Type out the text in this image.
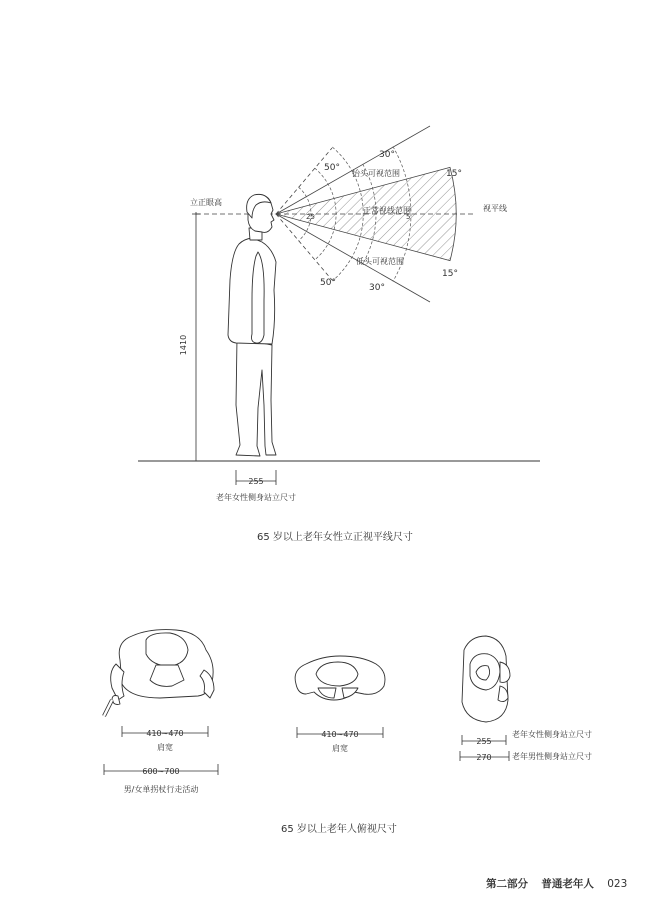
立正眼高
1410
255
老年女性侧身站立尺寸
视平线
抬头可视范围
正常视线范围
低头可视范围
50°
30°
15°
50°	30°
15°
25	5
410~470
肩宽
600~700
男/女单拐杖行走活动
410~470
肩宽
255
老年女性侧身站立尺寸
270	老年男性侧身站立尺寸
65 岁以上老年女性立正视平线尺寸
65 岁以上老年人俯视尺寸
第二部分 普通老年人 023
